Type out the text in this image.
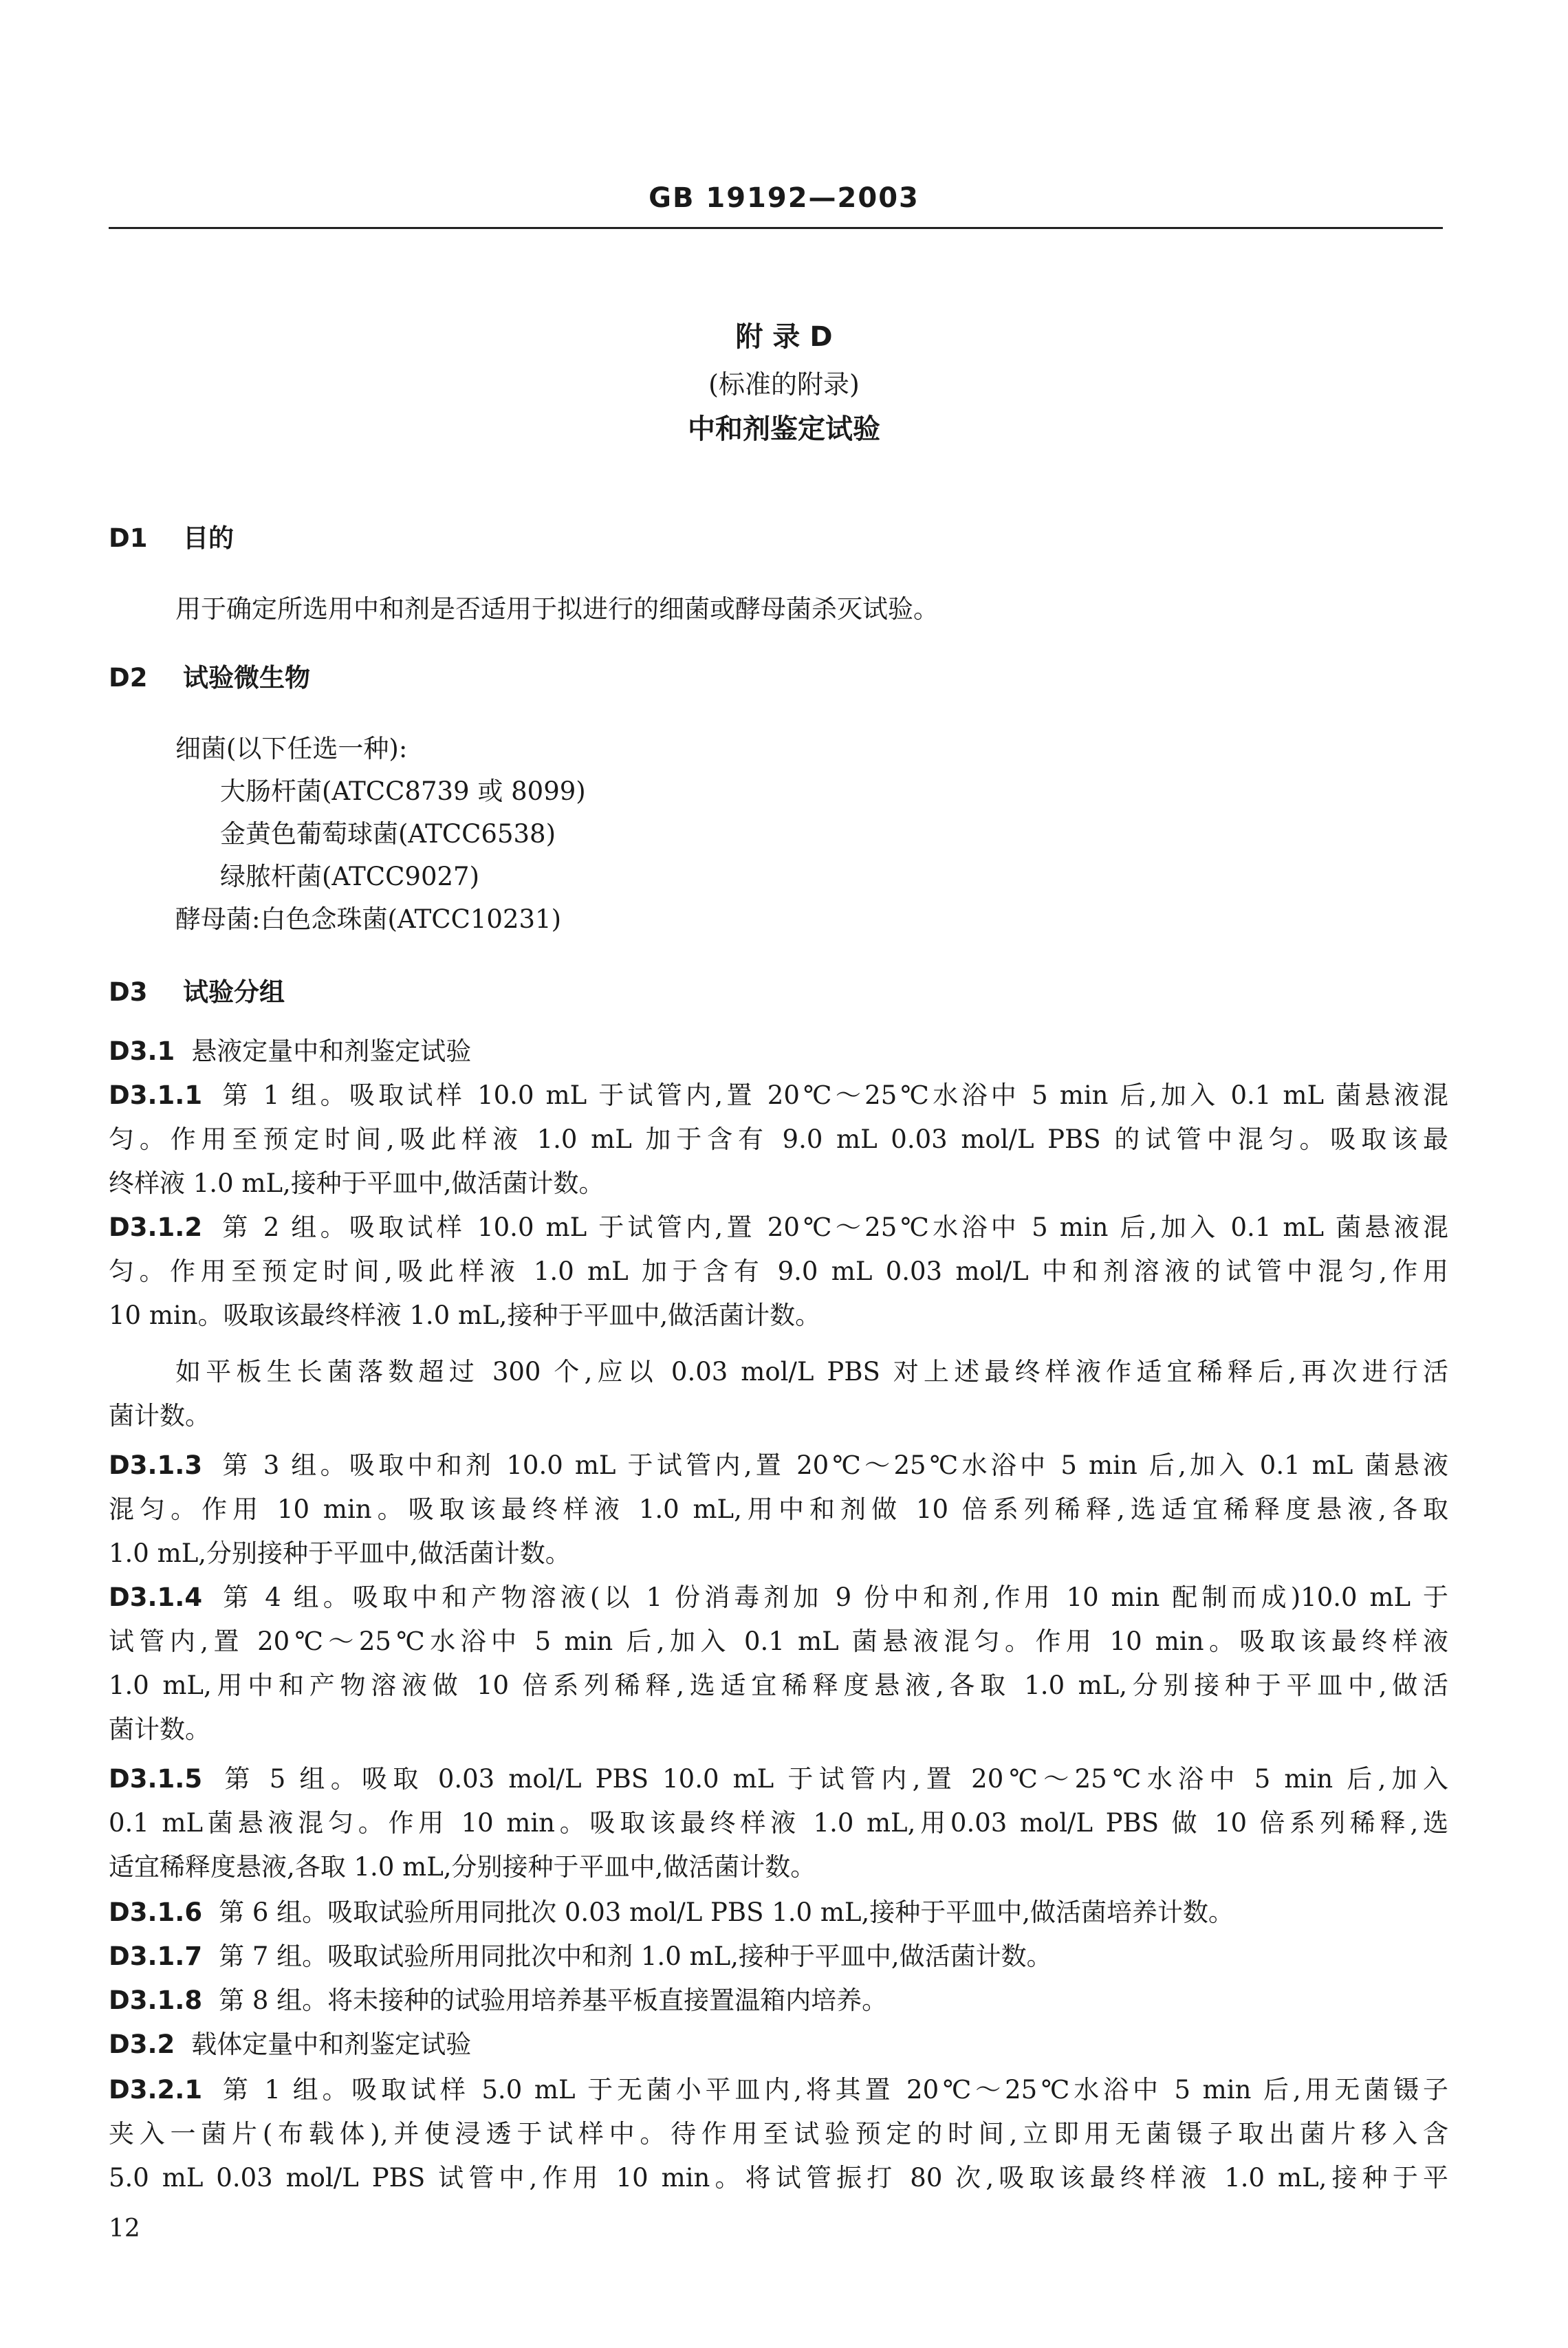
GB 19192—2003
附 录 D
(标准的附录)
中和剂鉴定试验
D1 目的
用于确定所选用中和剂是否适用于拟进行的细菌或酵母菌杀灭试验。
D2 试验微生物
细菌(以下任选一种):
大肠杆菌(ATCC8739 或 8099)
金黄色葡萄球菌(ATCC6538)
绿脓杆菌(ATCC9027)
酵母菌:白色念珠菌(ATCC10231)
D3 试验分组
D3.1 悬液定量中和剂鉴定试验
D3.1.1 第 1 组。吸取试样 10.0 mL 于试管内,置 20℃～25℃水浴中 5 min 后,加入 0.1 mL 菌悬液混
匀。作用至预定时间,吸此样液 1.0 mL 加于含有 9.0 mL 0.03 mol/L PBS 的试管中混匀。吸取该最
终样液 1.0 mL,接种于平皿中,做活菌计数。
D3.1.2 第 2 组。吸取试样 10.0 mL 于试管内,置 20℃～25℃水浴中 5 min 后,加入 0.1 mL 菌悬液混
匀。作用至预定时间,吸此样液 1.0 mL 加于含有 9.0 mL 0.03 mol/L 中和剂溶液的试管中混匀,作用
10 min。吸取该最终样液 1.0 mL,接种于平皿中,做活菌计数。
如平板生长菌落数超过 300 个,应以 0.03 mol/L PBS 对上述最终样液作适宜稀释后,再次进行活
菌计数。
D3.1.3 第 3 组。吸取中和剂 10.0 mL 于试管内,置 20℃～25℃水浴中 5 min 后,加入 0.1 mL 菌悬液
混匀。作用 10 min。吸取该最终样液 1.0 mL,用中和剂做 10 倍系列稀释,选适宜稀释度悬液,各取
1.0 mL,分别接种于平皿中,做活菌计数。
D3.1.4 第 4 组。吸取中和产物溶液(以 1 份消毒剂加 9 份中和剂,作用 10 min 配制而成)10.0 mL 于
试管内,置 20℃～25℃水浴中 5 min 后,加入 0.1 mL 菌悬液混匀。作用 10 min。吸取该最终样液
1.0 mL,用中和产物溶液做 10 倍系列稀释,选适宜稀释度悬液,各取 1.0 mL,分别接种于平皿中,做活
菌计数。
D3.1.5 第 5 组。吸取 0.03 mol/L PBS 10.0 mL 于试管内,置 20℃～25℃水浴中 5 min 后,加入
0.1 mL菌悬液混匀。作用 10 min。吸取该最终样液 1.0 mL,用0.03 mol/L PBS 做 10 倍系列稀释,选
适宜稀释度悬液,各取 1.0 mL,分别接种于平皿中,做活菌计数。
D3.1.6 第 6 组。吸取试验所用同批次 0.03 mol/L PBS 1.0 mL,接种于平皿中,做活菌培养计数。
D3.1.7 第 7 组。吸取试验所用同批次中和剂 1.0 mL,接种于平皿中,做活菌计数。
D3.1.8 第 8 组。将未接种的试验用培养基平板直接置温箱内培养。
D3.2 载体定量中和剂鉴定试验
D3.2.1 第 1 组。吸取试样 5.0 mL 于无菌小平皿内,将其置 20℃～25℃水浴中 5 min 后,用无菌镊子
夹入一菌片(布载体),并使浸透于试样中。待作用至试验预定的时间,立即用无菌镊子取出菌片移入含
5.0 mL 0.03 mol/L PBS 试管中,作用 10 min。将试管振打 80 次,吸取该最终样液 1.0 mL,接种于平
12
